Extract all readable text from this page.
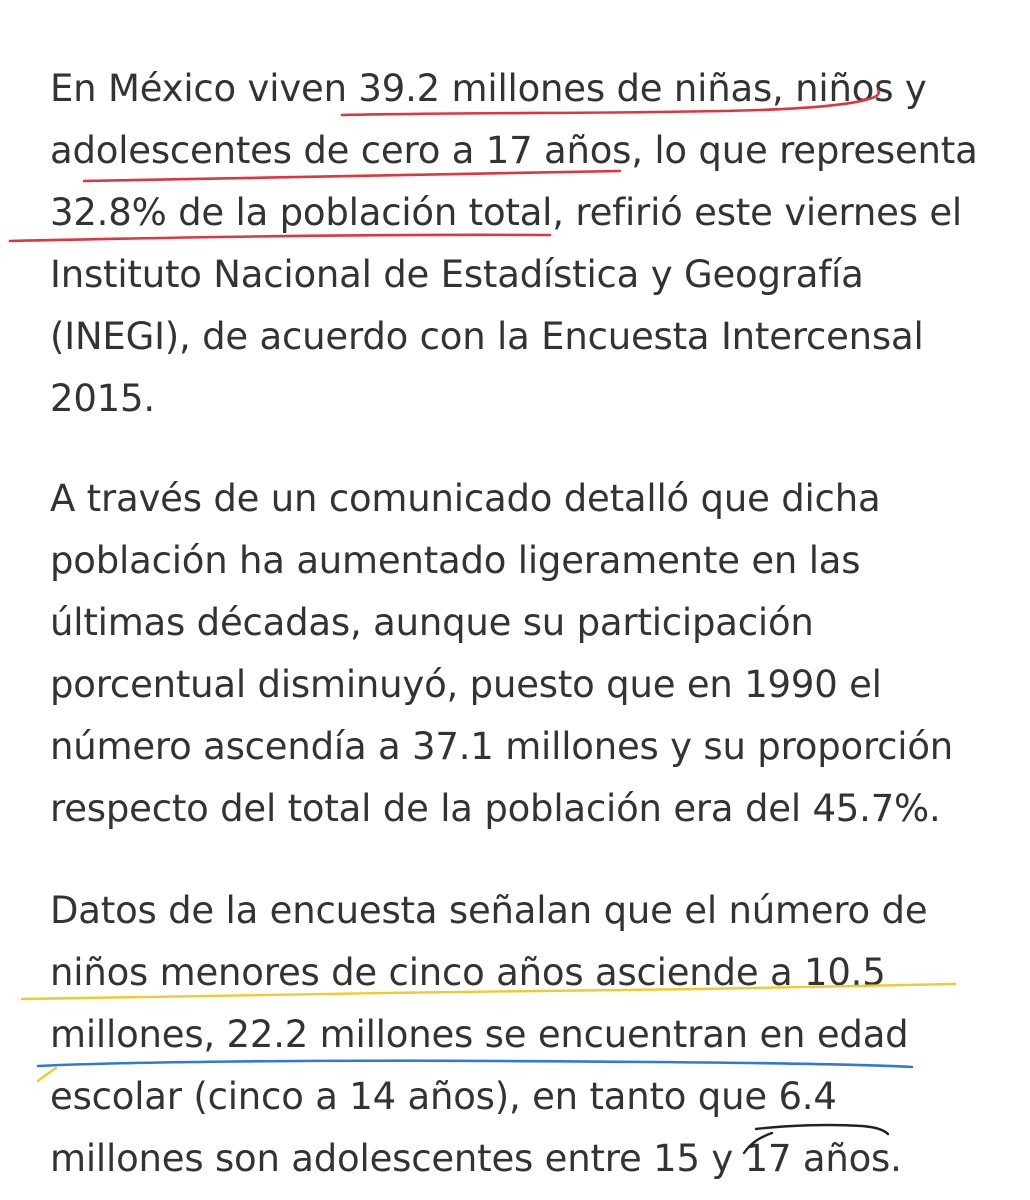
En México viven 39.2 millones de niñas, niños y
adolescentes de cero a 17 años, lo que representa
32.8% de la población total, refirió este viernes el
Instituto Nacional de Estadística y Geografía
(INEGI), de acuerdo con la Encuesta Intercensal
2015.
A través de un comunicado detalló que dicha
población ha aumentado ligeramente en las
últimas décadas, aunque su participación
porcentual disminuyó, puesto que en 1990 el
número ascendía a 37.1 millones y su proporción
respecto del total de la población era del 45.7%.
Datos de la encuesta señalan que el número de
niños menores de cinco años asciende a 10.5
millones, 22.2 millones se encuentran en edad
escolar (cinco a 14 años), en tanto que 6.4
millones son adolescentes entre 15 y 17 años.
